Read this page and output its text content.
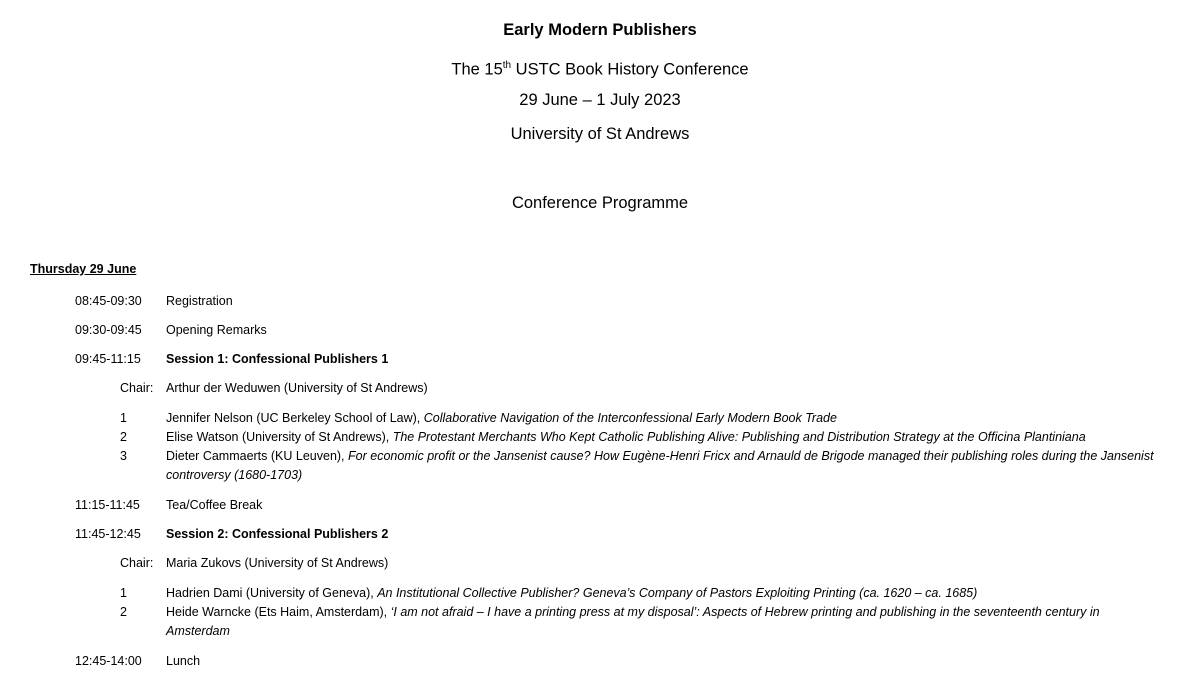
Early Modern Publishers
The 15th USTC Book History Conference
29 June – 1 July 2023
University of St Andrews
Conference Programme
Thursday 29 June
08:45-09:30	Registration
09:30-09:45	Opening Remarks
09:45-11:15	Session 1: Confessional Publishers 1
Chair: Arthur der Weduwen (University of St Andrews)
1	Jennifer Nelson (UC Berkeley School of Law), Collaborative Navigation of the Interconfessional Early Modern Book Trade
2	Elise Watson (University of St Andrews), The Protestant Merchants Who Kept Catholic Publishing Alive: Publishing and Distribution Strategy at the Officina Plantiniana
3	Dieter Cammaerts (KU Leuven), For economic profit or the Jansenist cause? How Eugène-Henri Fricx and Arnauld de Brigode managed their publishing roles during the Jansenist controversy (1680-1703)
11:15-11:45	Tea/Coffee Break
11:45-12:45	Session 2: Confessional Publishers 2
Chair: Maria Zukovs (University of St Andrews)
1	Hadrien Dami (University of Geneva), An Institutional Collective Publisher? Geneva’s Company of Pastors Exploiting Printing (ca. 1620 – ca. 1685)
2	Heide Warncke (Ets Haim, Amsterdam), ‘I am not afraid – I have a printing press at my disposal’: Aspects of Hebrew printing and publishing in the seventeenth century in Amsterdam
12:45-14:00	Lunch
